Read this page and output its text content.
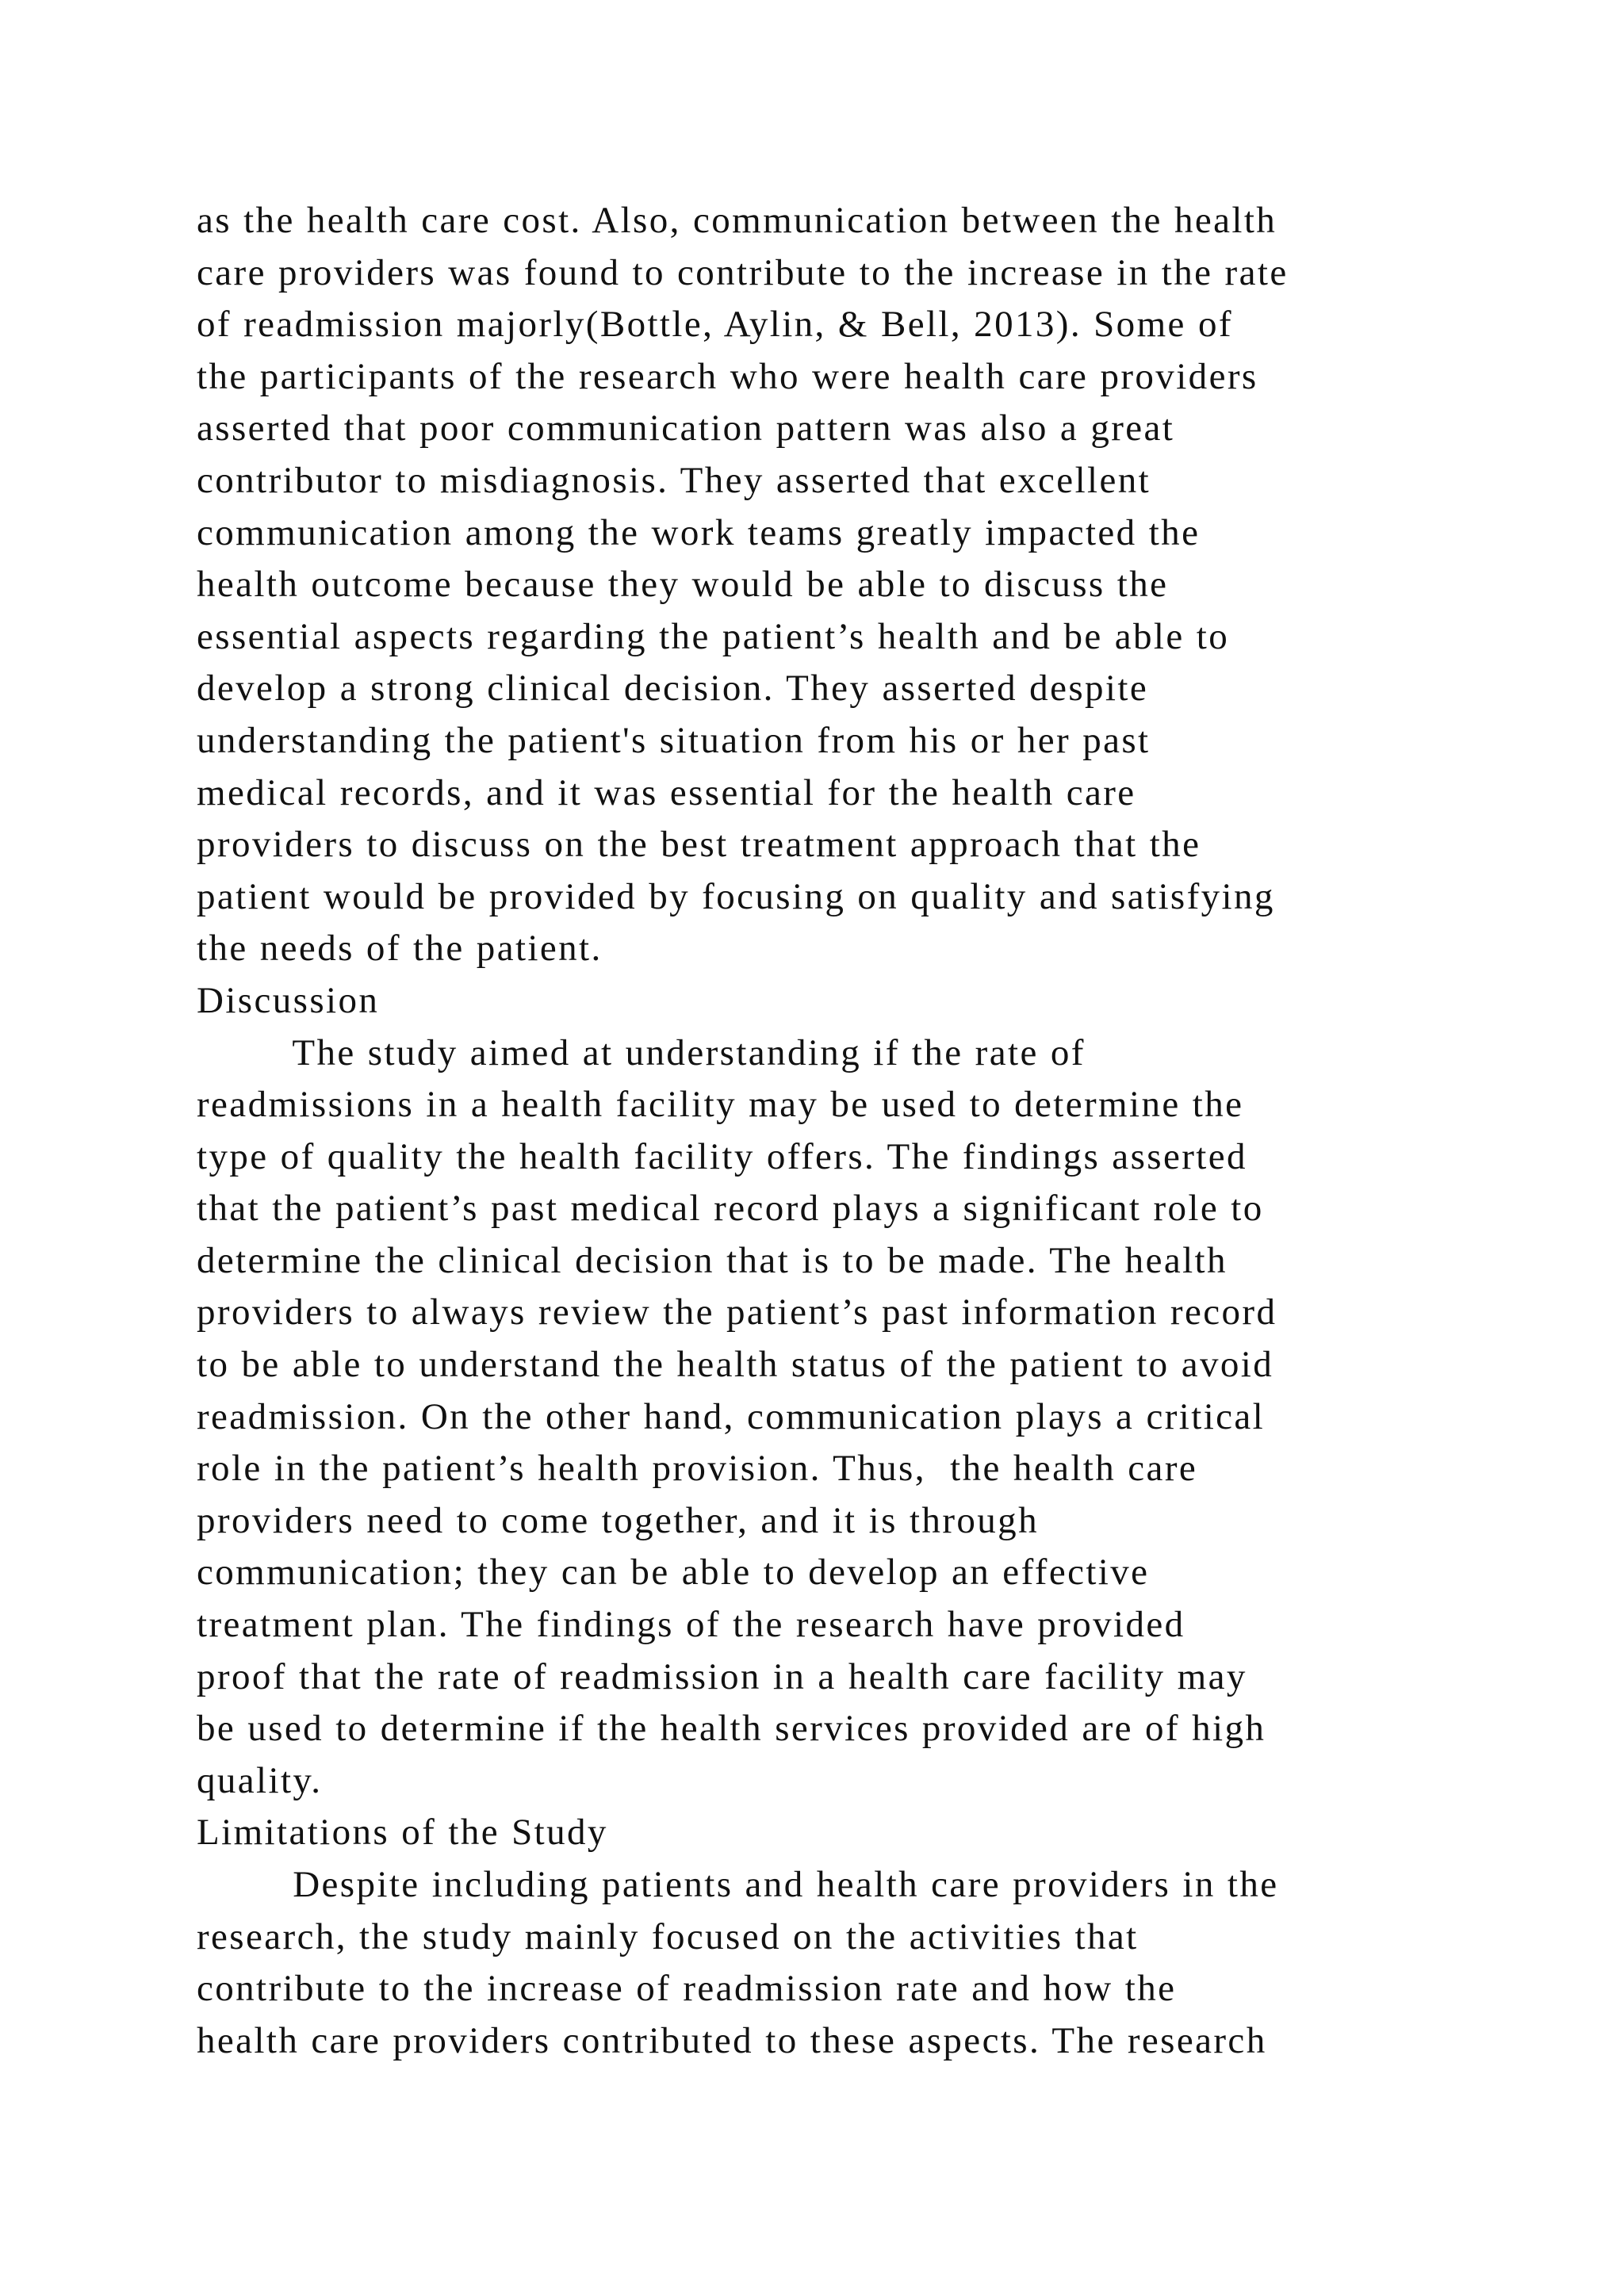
as the health care cost. Also, communication between the health
care providers was found to contribute to the increase in the rate
of readmission majorly(Bottle, Aylin, & Bell, 2013). Some of
the participants of the research who were health care providers
asserted that poor communication pattern was also a great
contributor to misdiagnosis. They asserted that excellent
communication among the work teams greatly impacted the
health outcome because they would be able to discuss the
essential aspects regarding the patient’s health and be able to
develop a strong clinical decision. They asserted despite
understanding the patient's situation from his or her past
medical records, and it was essential for the health care
providers to discuss on the best treatment approach that the
patient would be provided by focusing on quality and satisfying
the needs of the patient.
Discussion
The study aimed at understanding if the rate of
readmissions in a health facility may be used to determine the
type of quality the health facility offers. The findings asserted
that the patient’s past medical record plays a significant role to
determine the clinical decision that is to be made. The health
providers to always review the patient’s past information record
to be able to understand the health status of the patient to avoid
readmission. On the other hand, communication plays a critical
role in the patient’s health provision. Thus,  the health care
providers need to come together, and it is through
communication; they can be able to develop an effective
treatment plan. The findings of the research have provided
proof that the rate of readmission in a health care facility may
be used to determine if the health services provided are of high
quality.
Limitations of the Study
Despite including patients and health care providers in the
research, the study mainly focused on the activities that
contribute to the increase of readmission rate and how the
health care providers contributed to these aspects. The research
